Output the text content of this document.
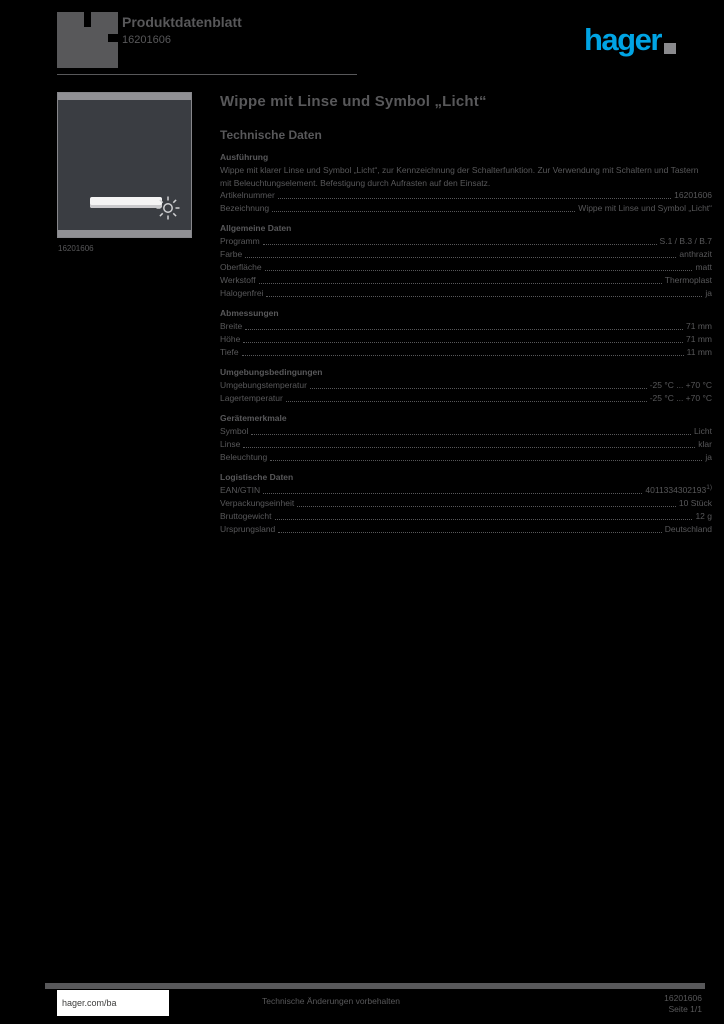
Produktdatenblatt
16201606	hager
16201606
Wippe mit Linse und Symbol „Licht“
Technische Daten
Ausführung
Wippe mit klarer Linse und Symbol „Licht“, zur Kennzeichnung der Schalterfunktion. Zur Verwendung mit Schaltern und Tastern mit Beleuchtungselement. Befestigung durch Aufrasten auf den Einsatz.
Artikelnummer	16201606
Bezeichnung	Wippe mit Linse und Symbol „Licht“
Allgemeine Daten
Programm	S.1 / B.3 / B.7
Farbe	anthrazit
Oberfläche	matt
Werkstoff	Thermoplast
Halogenfrei	ja
Abmessungen
Breite	71 mm
Höhe	71 mm
Tiefe	11 mm
Umgebungsbedingungen
Umgebungstemperatur	-25 °C ... +70 °C
Lagertemperatur	-25 °C ... +70 °C
Gerätemerkmale
Symbol	Licht
Linse	klar
Beleuchtung	ja
Logistische Daten
EAN/GTIN	4011334302193$^{1)}$
Verpackungseinheit	10 Stück
Bruttogewicht	12 g
Ursprungsland	Deutschland
hager.com/ba	Technische Änderungen vorbehalten	16201606
Seite 1/1
